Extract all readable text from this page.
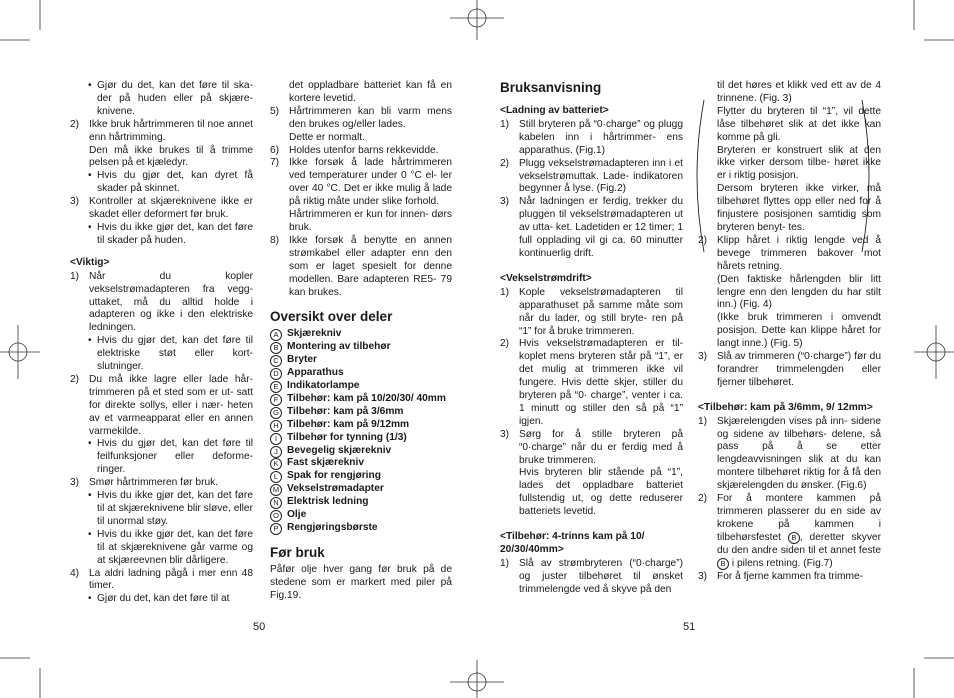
• Gjør du det, kan det føre til ska- der på huden eller på skjære- knivene.
2) Ikke bruk hårtrimmeren til noe annet enn hårtrimming.
Den må ikke brukes til å trimme pelsen på et kjæledyr.
• Hvis du gjør det, kan dyret få skader på skinnet.
3) Kontroller at skjæreknivene ikke er skadet eller deformert før bruk.
• Hvis du ikke gjør det, kan det føre til skader på huden.
<Viktig>
1) Når du kopler vekselstrømadapteren fra vegg- uttaket, må du alltid holde i adapteren og ikke i den elektriske ledningen.
• Hvis du gjør det, kan det føre til elektriske støt eller kort- slutninger.
2) Du må ikke lagre eller lade hår- trimmeren på et sted som er ut- satt for direkte sollys, eller i nær- heten av et varmeapparat eller en annen varmekilde.
• Hvis du gjør det, kan det føre til feilfunksjoner eller deforme- ringer.
3) Smør hårtrimmeren før bruk.
• Hvis du ikke gjør det, kan det føre til at skjæreknivene blir sløve, eller til unormal støy.
• Hvis du ikke gjør det, kan det føre til at skjæreknivene går varme og at skjæreevnen blir dårligere.
4) La aldri ladning pågå i mer enn 48 timer.
• Gjør du det, kan det føre til at
det oppladbare batteriet kan få en kortere levetid.
5) Hårtrimmeren kan bli varm mens den brukes og/eller lades.
Dette er normalt.
6) Holdes utenfor barns rekkevidde.
7) Ikke forsøk å lade hårtrimmeren ved temperaturer under 0 °C el- ler over 40 °C. Det er ikke mulig å lade på riktig måte under slike forhold.
Hårtrimmeren er kun for innen- dørs bruk.
8) Ikke forsøk å benytte en annen strømkabel eller adapter enn den som er laget spesielt for denne modellen. Bare adapteren RE5- 79 kan brukes.
Oversikt over deler
A Skjærekniv
B Montering av tilbehør
C Bryter
D Apparathus
E Indikatorlampe
F Tilbehør: kam på 10/20/30/ 40mm
G Tilbehør: kam på 3/6mm
H Tilbehør: kam på 9/12mm
I Tilbehør for tynning (1/3)
J Bevegelig skjærekniv
K Fast skjærekniv
L Spak for rengjøring
M Vekselstrømadapter
N Elektrisk ledning
O Olje
P Rengjøringsbørste
Før bruk
Påfør olje hver gang før bruk på de stedene som er markert med piler på Fig.19.
Bruksanvisning
<Ladning av batteriet>
1) Still bryteren på “0·charge” og plugg kabelen inn i hårtrimmer- ens apparathus. (Fig.1)
2) Plugg vekselstrømadapteren inn i et vekselstrømuttak. Lade- indikatoren begynner å lyse. (Fig.2)
3) Når ladningen er ferdig, trekker du pluggen til vekselstrømadapteren ut av utta- ket. Ladetiden er 12 timer; 1 full opplading vil gi ca. 60 minutter kontinuerlig drift.
<Vekselstrømdrift>
1) Kople vekselstrømadapteren til apparathuset på samme måte som når du lader, og still bryte- ren på “1” for å bruke trimmeren.
2) Hvis vekselstrømadapteren er til- koplet mens bryteren står på “1”, er det mulig at trimmeren ikke vil fungere. Hvis dette skjer, stiller du bryteren på “0· charge”, venter i ca. 1 minutt og stiller den så på “1” igjen.
3) Sørg for å stille bryteren på “0·charge” når du er ferdig med å bruke trimmeren.
Hvis bryteren blir stående på “1”, lades det oppladbare batteriet fullstendig ut, og dette reduserer batteriets levetid.
<Tilbehør: 4-trinns kam på 10/ 20/30/40mm>
1) Slå av strømbryteren (“0·charge”) og juster tilbehøret til ønsket trimmelengde ved å skyve på den
til det høres et klikk ved ett av de 4 trinnene. (Fig. 3)
Flytter du bryteren til “1”, vil dette låse tilbehøret slik at det ikke kan komme på gli.
Bryteren er konstruert slik at den ikke virker dersom tilbe- høret ikke er i riktig posisjon.
Dersom bryteren ikke virker, må tilbehøret flyttes opp eller ned for å finjustere posisjonen samtidig som bryteren benyt- tes.
2) Klipp håret i riktig lengde ved å bevege trimmeren bakover mot hårets retning.
(Den faktiske hårlengden blir litt lengre enn den lengden du har stilt inn.) (Fig. 4)
(Ikke bruk trimmeren i omvendt posisjon. Dette kan klippe håret for langt inne.) (Fig. 5)
3) Slå av trimmeren (“0·charge”) før du forandrer trimmelengden eller fjerner tilbehøret.
<Tilbehør: kam på 3/6mm, 9/ 12mm>
1) Skjærelengden vises på inn- sidene og sidene av tilbehørs- delene, så pass på å se etter lengdeavvisningen slik at du kan montere tilbehøret riktig for å få den skjærelengden du ønsker. (Fig.6)
2) For å montere kammen på trimmeren plasserer du en side av krokene på kammen i tilbehørsfestet B , deretter skyver du den andre siden til et annet feste B i pilens retning. (Fig.7)
3) For å fjerne kammen fra trimme-
50	51
